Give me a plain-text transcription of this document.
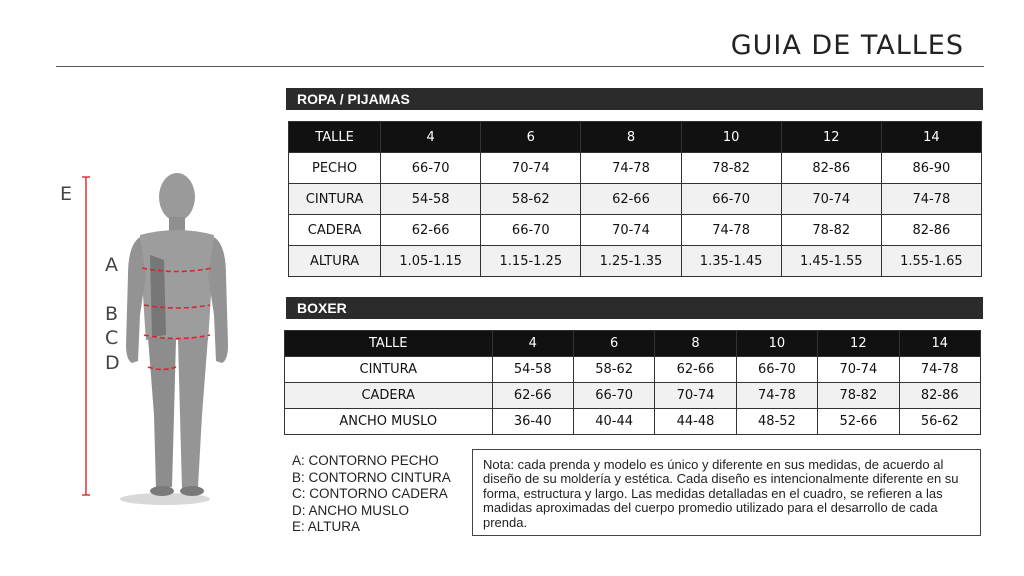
GUIA DE TALLES
E
A
B
C
D
ROPA / PIJAMAS
TALLE	4	6	8	10	12	14
PECHO	66-70	70-74	74-78	78-82	82-86	86-90
CINTURA	54-58	58-62	62-66	66-70	70-74	74-78
CADERA	62-66	66-70	70-74	74-78	78-82	82-86
ALTURA	1.05-1.15	1.15-1.25	1.25-1.35	1.35-1.45	1.45-1.55	1.55-1.65
BOXER
TALLE	4	6	8	10	12	14
CINTURA	54-58	58-62	62-66	66-70	70-74	74-78
CADERA	62-66	66-70	70-74	74-78	78-82	82-86
ANCHO MUSLO	36-40	40-44	44-48	48-52	52-66	56-62
A: CONTORNO PECHO
B: CONTORNO CINTURA
C: CONTORNO CADERA
D: ANCHO MUSLO
E: ALTURA
Nota: cada prenda y modelo es único y diferente en sus medidas, de acuerdo al diseño de su moldería y estética. Cada diseño es intencionalmente diferente en su forma, estructura y largo. Las medidas detalladas en el cuadro, se refieren a las madidas aproximadas del cuerpo promedio utilizado para el desarrollo de cada prenda.
